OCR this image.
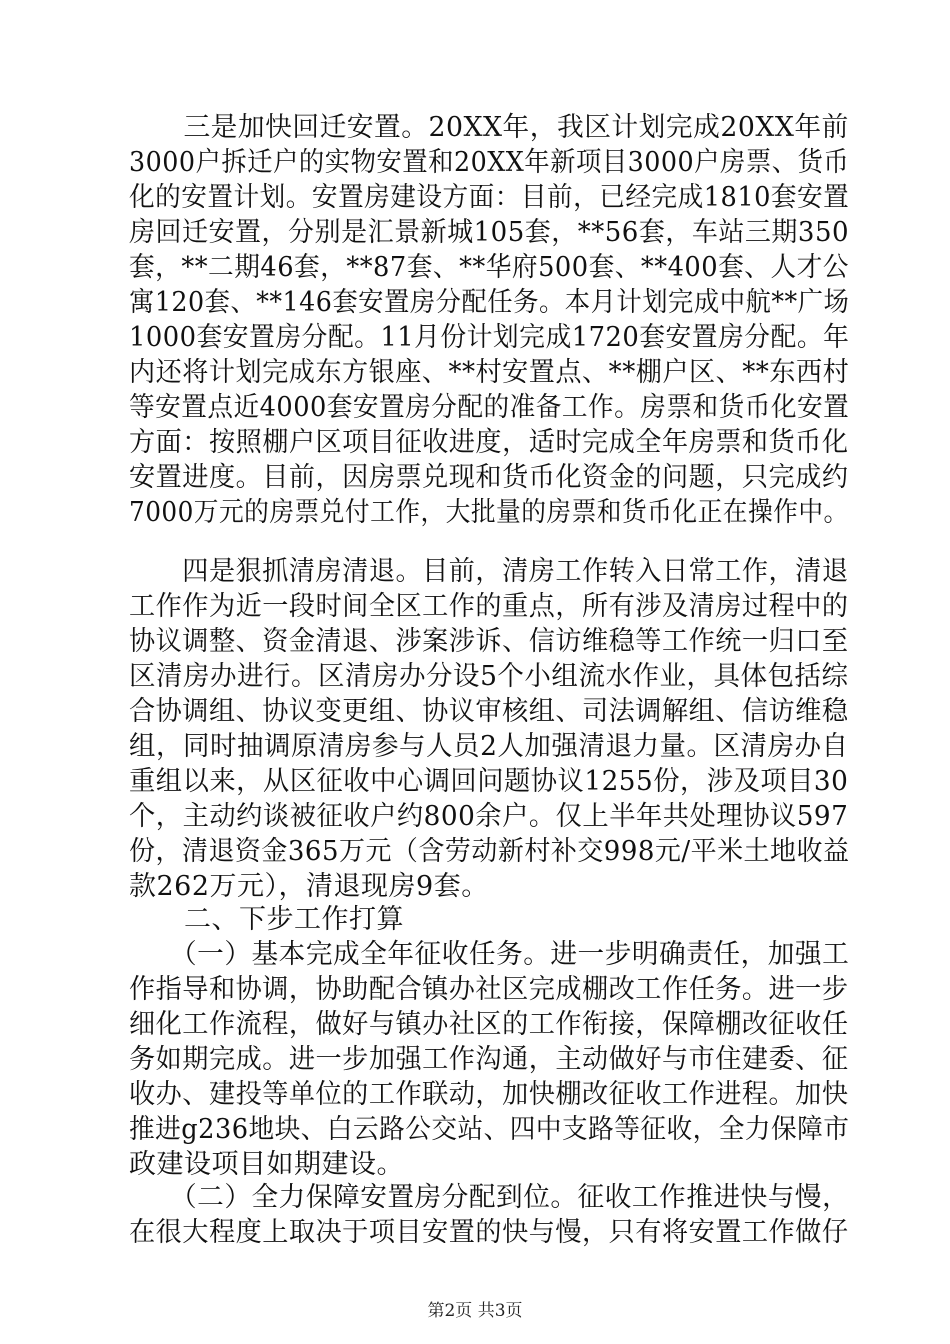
　　三是加快回迁安置。20XX年，我区计划完成20XX年前
3000户拆迁户的实物安置和20XX年新项目3000户房票、货币
化的安置计划。安置房建设方面：目前，已经完成1810套安置
房回迁安置，分别是汇景新城105套，**56套，车站三期350
套，**二期46套，**87套、**华府500套、**400套、人才公
寓120套、**146套安置房分配任务。本月计划完成中航**广场
1000套安置房分配。11月份计划完成1720套安置房分配。年
内还将计划完成东方银座、**村安置点、**棚户区、**东西村
等安置点近4000套安置房分配的准备工作。房票和货币化安置
方面：按照棚户区项目征收进度，适时完成全年房票和货币化
安置进度。目前，因房票兑现和货币化资金的问题，只完成约
7000万元的房票兑付工作，大批量的房票和货币化正在操作中。
　　四是狠抓清房清退。目前，清房工作转入日常工作，清退
工作作为近一段时间全区工作的重点，所有涉及清房过程中的
协议调整、资金清退、涉案涉诉、信访维稳等工作统一归口至
区清房办进行。区清房办分设5个小组流水作业，具体包括综
合协调组、协议变更组、协议审核组、司法调解组、信访维稳
组，同时抽调原清房参与人员2人加强清退力量。区清房办自
重组以来，从区征收中心调回问题协议1255份，涉及项目30
个，主动约谈被征收户约800余户。仅上半年共处理协议597
份，清退资金365万元（含劳动新村补交998元/平米土地收益
款262万元），清退现房9套。
　　二、下步工作打算
　　（一）基本完成全年征收任务。进一步明确责任，加强工
作指导和协调，协助配合镇办社区完成棚改工作任务。进一步
细化工作流程，做好与镇办社区的工作衔接，保障棚改征收任
务如期完成。进一步加强工作沟通，主动做好与市住建委、征
收办、建投等单位的工作联动，加快棚改征收工作进程。加快
推进g236地块、白云路公交站、四中支路等征收，全力保障市
政建设项目如期建设。
　　（二）全力保障安置房分配到位。征收工作推进快与慢，
在很大程度上取决于项目安置的快与慢，只有将安置工作做仔
第2页 共3页
